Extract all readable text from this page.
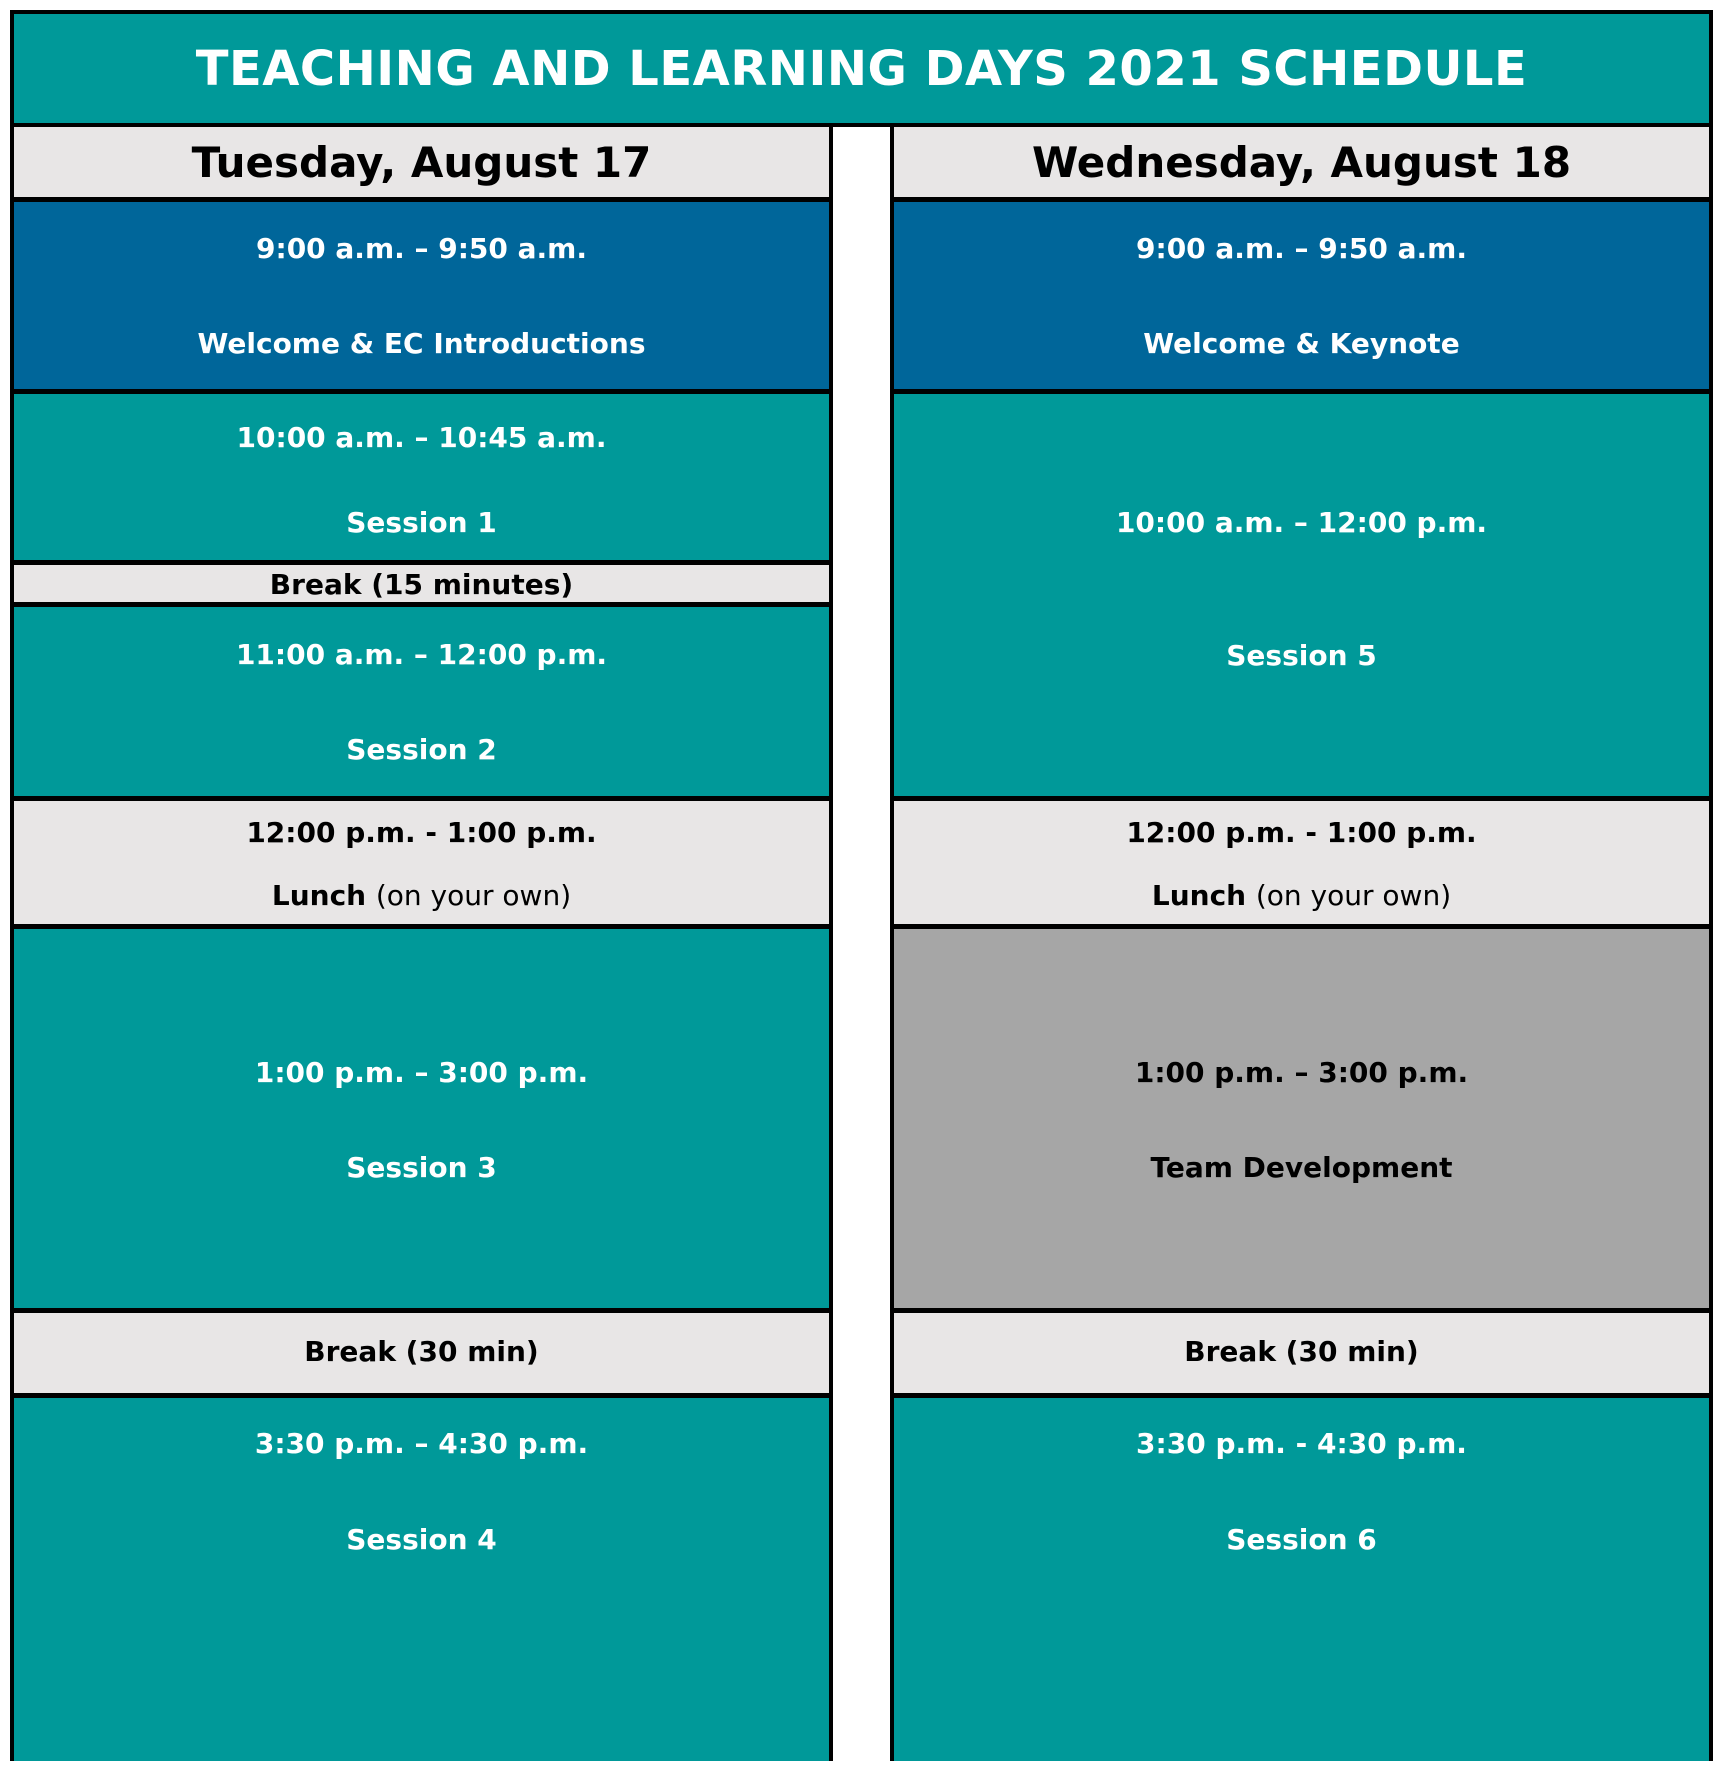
TEACHING AND LEARNING DAYS 2021 SCHEDULE
Tuesday, August 17
9:00 a.m. – 9:50 a.m.
Welcome & EC Introductions
10:00 a.m. – 10:45 a.m.
Session 1
Break (15 minutes)
11:00 a.m. – 12:00 p.m.
Session 2
12:00 p.m. - 1:00 p.m.
Lunch (on your own)
1:00 p.m. – 3:00 p.m.
Session 3
Break (30 min)
3:30 p.m. – 4:30 p.m.
Session 4
Wednesday, August 18
9:00 a.m. – 9:50 a.m.
Welcome & Keynote
10:00 a.m. – 12:00 p.m.
Session 5
12:00 p.m. - 1:00 p.m.
Lunch (on your own)
1:00 p.m. – 3:00 p.m.
Team Development
Break (30 min)
3:30 p.m. - 4:30 p.m.
Session 6
